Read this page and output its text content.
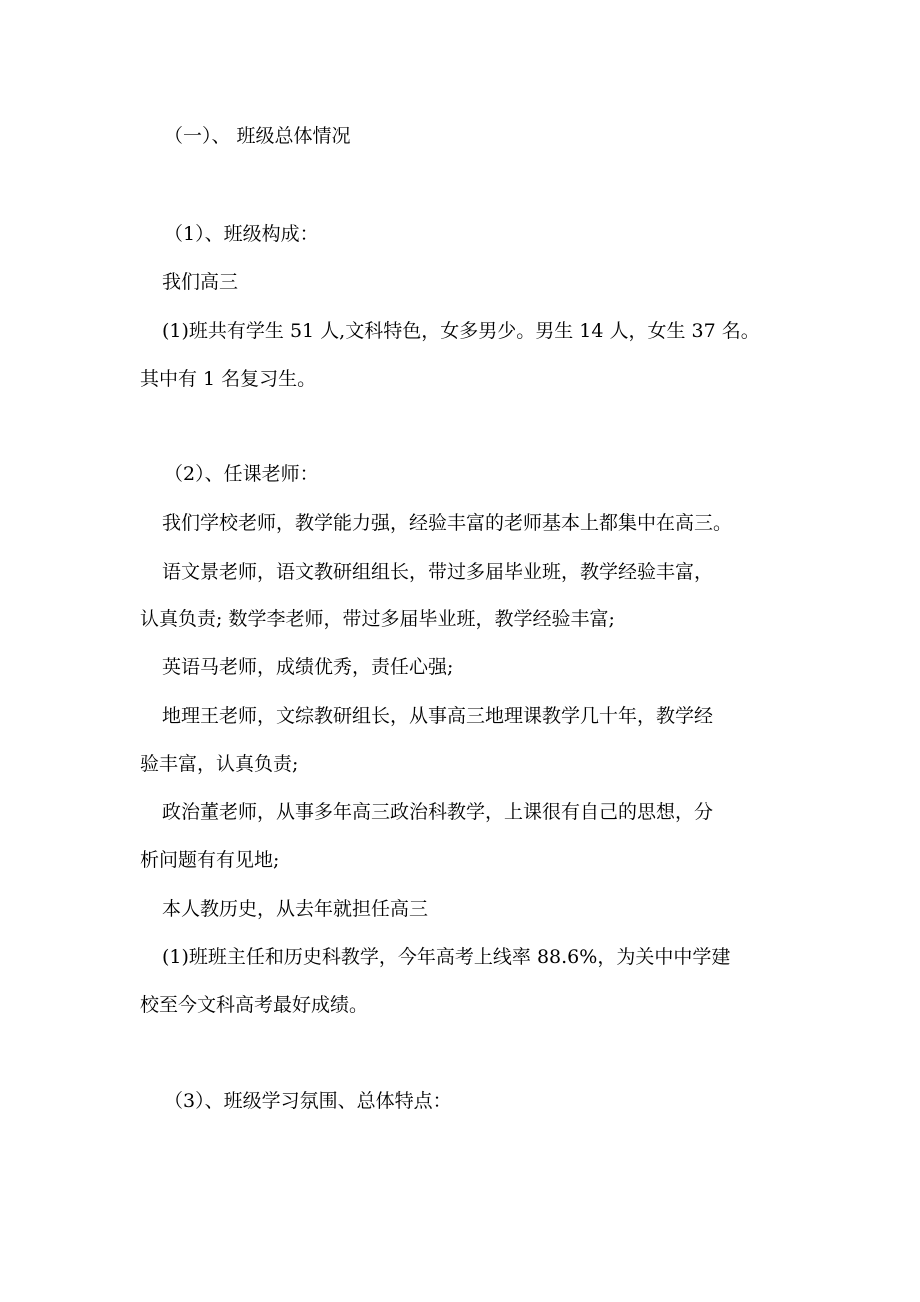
（一）、 班级总体情况
（1）、班级构成：
我们高三
(1)班共有学生 51 人,文科特色，女多男少。男生 14 人，女生 37 名。
其中有 1 名复习生。
（2）、任课老师：
我们学校老师，教学能力强，经验丰富的老师基本上都集中在高三。
语文景老师，语文教研组组长，带过多届毕业班，教学经验丰富，
认真负责; 数学李老师，带过多届毕业班，教学经验丰富;
英语马老师，成绩优秀，责任心强;
地理王老师，文综教研组长，从事高三地理课教学几十年，教学经
验丰富，认真负责;
政治董老师，从事多年高三政治科教学，上课很有自己的思想，分
析问题有有见地;
本人教历史，从去年就担任高三
(1)班班主任和历史科教学，今年高考上线率 88.6%，为关中中学建
校至今文科高考最好成绩。
（3）、班级学习氛围、总体特点：
